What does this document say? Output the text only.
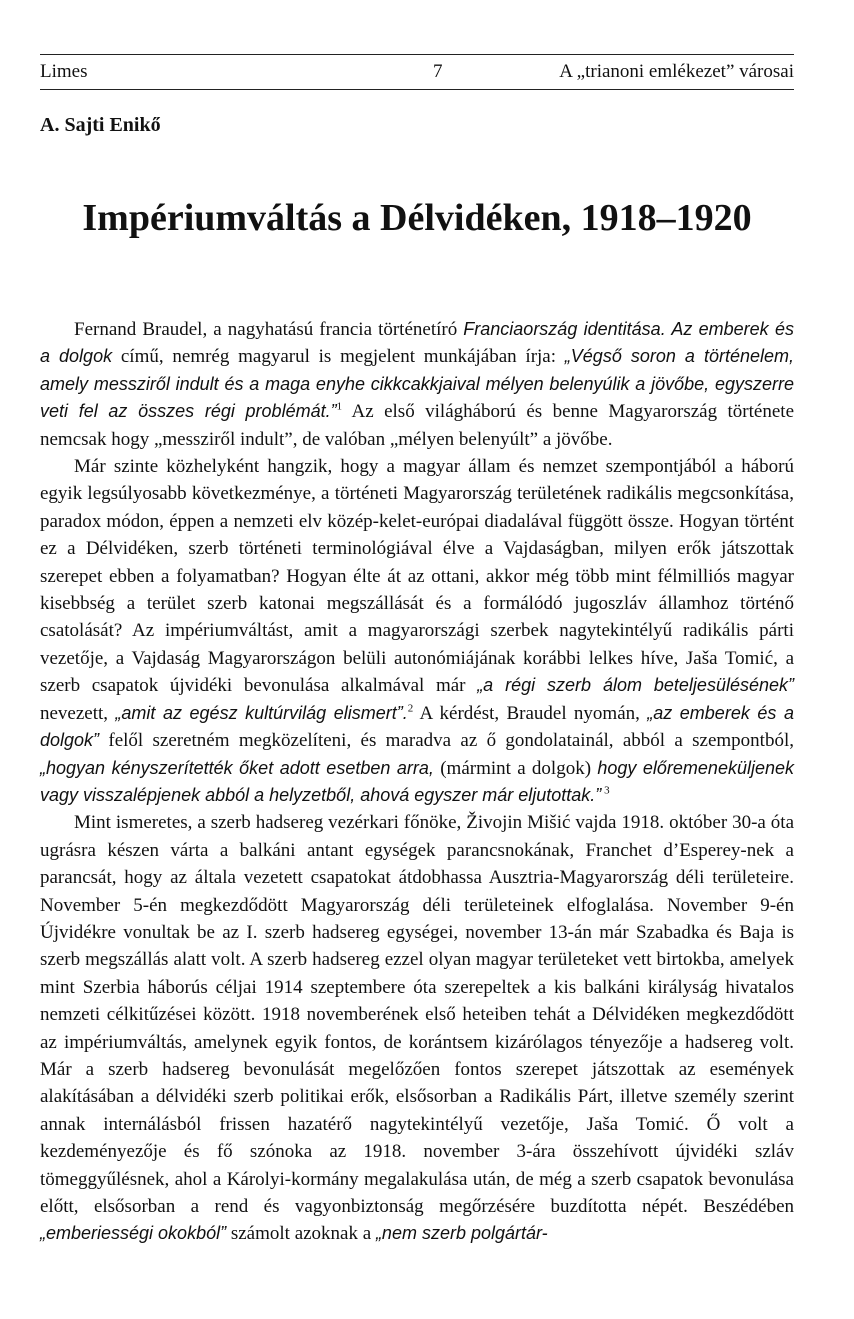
Limes	7	A „trianoni emlékezet” városai
A. Sajti Enikő
Impériumváltás a Délvidéken, 1918–1920

Fernand Braudel, a nagyhatású francia történetíró Franciaország identitása. Az emberek és a dolgok című, nemrég magyarul is megjelent munkájában írja: „Végső soron a történelem, amely messziről indult és a maga enyhe cikkcakkjaival mélyen belenyúlik a jövőbe, egyszerre veti fel az összes régi problémát.”$^1$ Az első világháború és benne Magyarország története nemcsak hogy „messziről indult”, de valóban „mélyen belenyúlt” a jövőbe.

Már szinte közhelyként hangzik, hogy a magyar állam és nemzet szempontjából a háború egyik legsúlyosabb következménye, a történeti Magyarország területének radikális megcsonkítása, paradox módon, éppen a nemzeti elv közép-kelet-európai diadalával függött össze. Hogyan történt ez a Délvidéken, szerb történeti terminológiával élve a Vajdaságban, milyen erők játszottak szerepet ebben a folyamatban? Hogyan élte át az ottani, akkor még több mint félmilliós magyar kisebbség a terület szerb katonai megszállását és a formálódó jugoszláv államhoz történő csatolását? Az impériumváltást, amit a magyarországi szerbek nagytekintélyű radikális párti vezetője, a Vajdaság Magyarországon belüli autonómiájának korábbi lelkes híve, Jaša Tomić, a szerb csapatok újvidéki bevonulása alkalmával már „a régi szerb álom beteljesülésének” nevezett, „amit az egész kultúrvilág elismert”.$^2$ A kérdést, Braudel nyomán, „az emberek és a dolgok” felől szeretném megközelíteni, és maradva az ő gondolatainál, abból a szempontból, „hogyan kényszerítették őket adott esetben arra, (mármint a dolgok) hogy előremeneküljenek vagy visszalépjenek abból a helyzetből, ahová egyszer már eljutottak.” $^3$

Mint ismeretes, a szerb hadsereg vezérkari főnöke, Živojin Mišić vajda 1918. október 30-a óta ugrásra készen várta a balkáni antant egységek parancsnokának, Franchet d’Esperey-nek a parancsát, hogy az általa vezetett csapatokat átdobhassa Ausztria-Magyarország déli területeire. November 5-én megkezdődött Magyarország déli területeinek elfoglalása. November 9-én Újvidékre vonultak be az I. szerb hadsereg egységei, november 13-án már Szabadka és Baja is szerb megszállás alatt volt. A szerb hadsereg ezzel olyan magyar területeket vett birtokba, amelyek mint Szerbia háborús céljai 1914 szeptembere óta szerepeltek a kis balkáni királyság hivatalos nemzeti célkitűzései között. 1918 novemberének első heteiben tehát a Délvidéken megkezdődött az impériumváltás, amelynek egyik fontos, de korántsem kizárólagos tényezője a hadsereg volt. Már a szerb hadsereg bevonulását megelőzően fontos szerepet játszottak az események alakításában a délvidéki szerb politikai erők, elsősorban a Radikális Párt, illetve személy szerint annak internálásból frissen hazatérő nagytekintélyű vezetője, Jaša Tomić. Ő volt a kezdeményezője és fő szónoka az 1918. november 3-ára összehívott újvidéki szláv tömeggyűlésnek, ahol a Károlyi-kormány megalakulása után, de még a szerb csapatok bevonulása előtt, elsősorban a rend és vagyonbiztonság megőrzésére buzdította népét. Beszédében „emberiességi okokból” számolt azoknak a „nem szerb polgártár-
